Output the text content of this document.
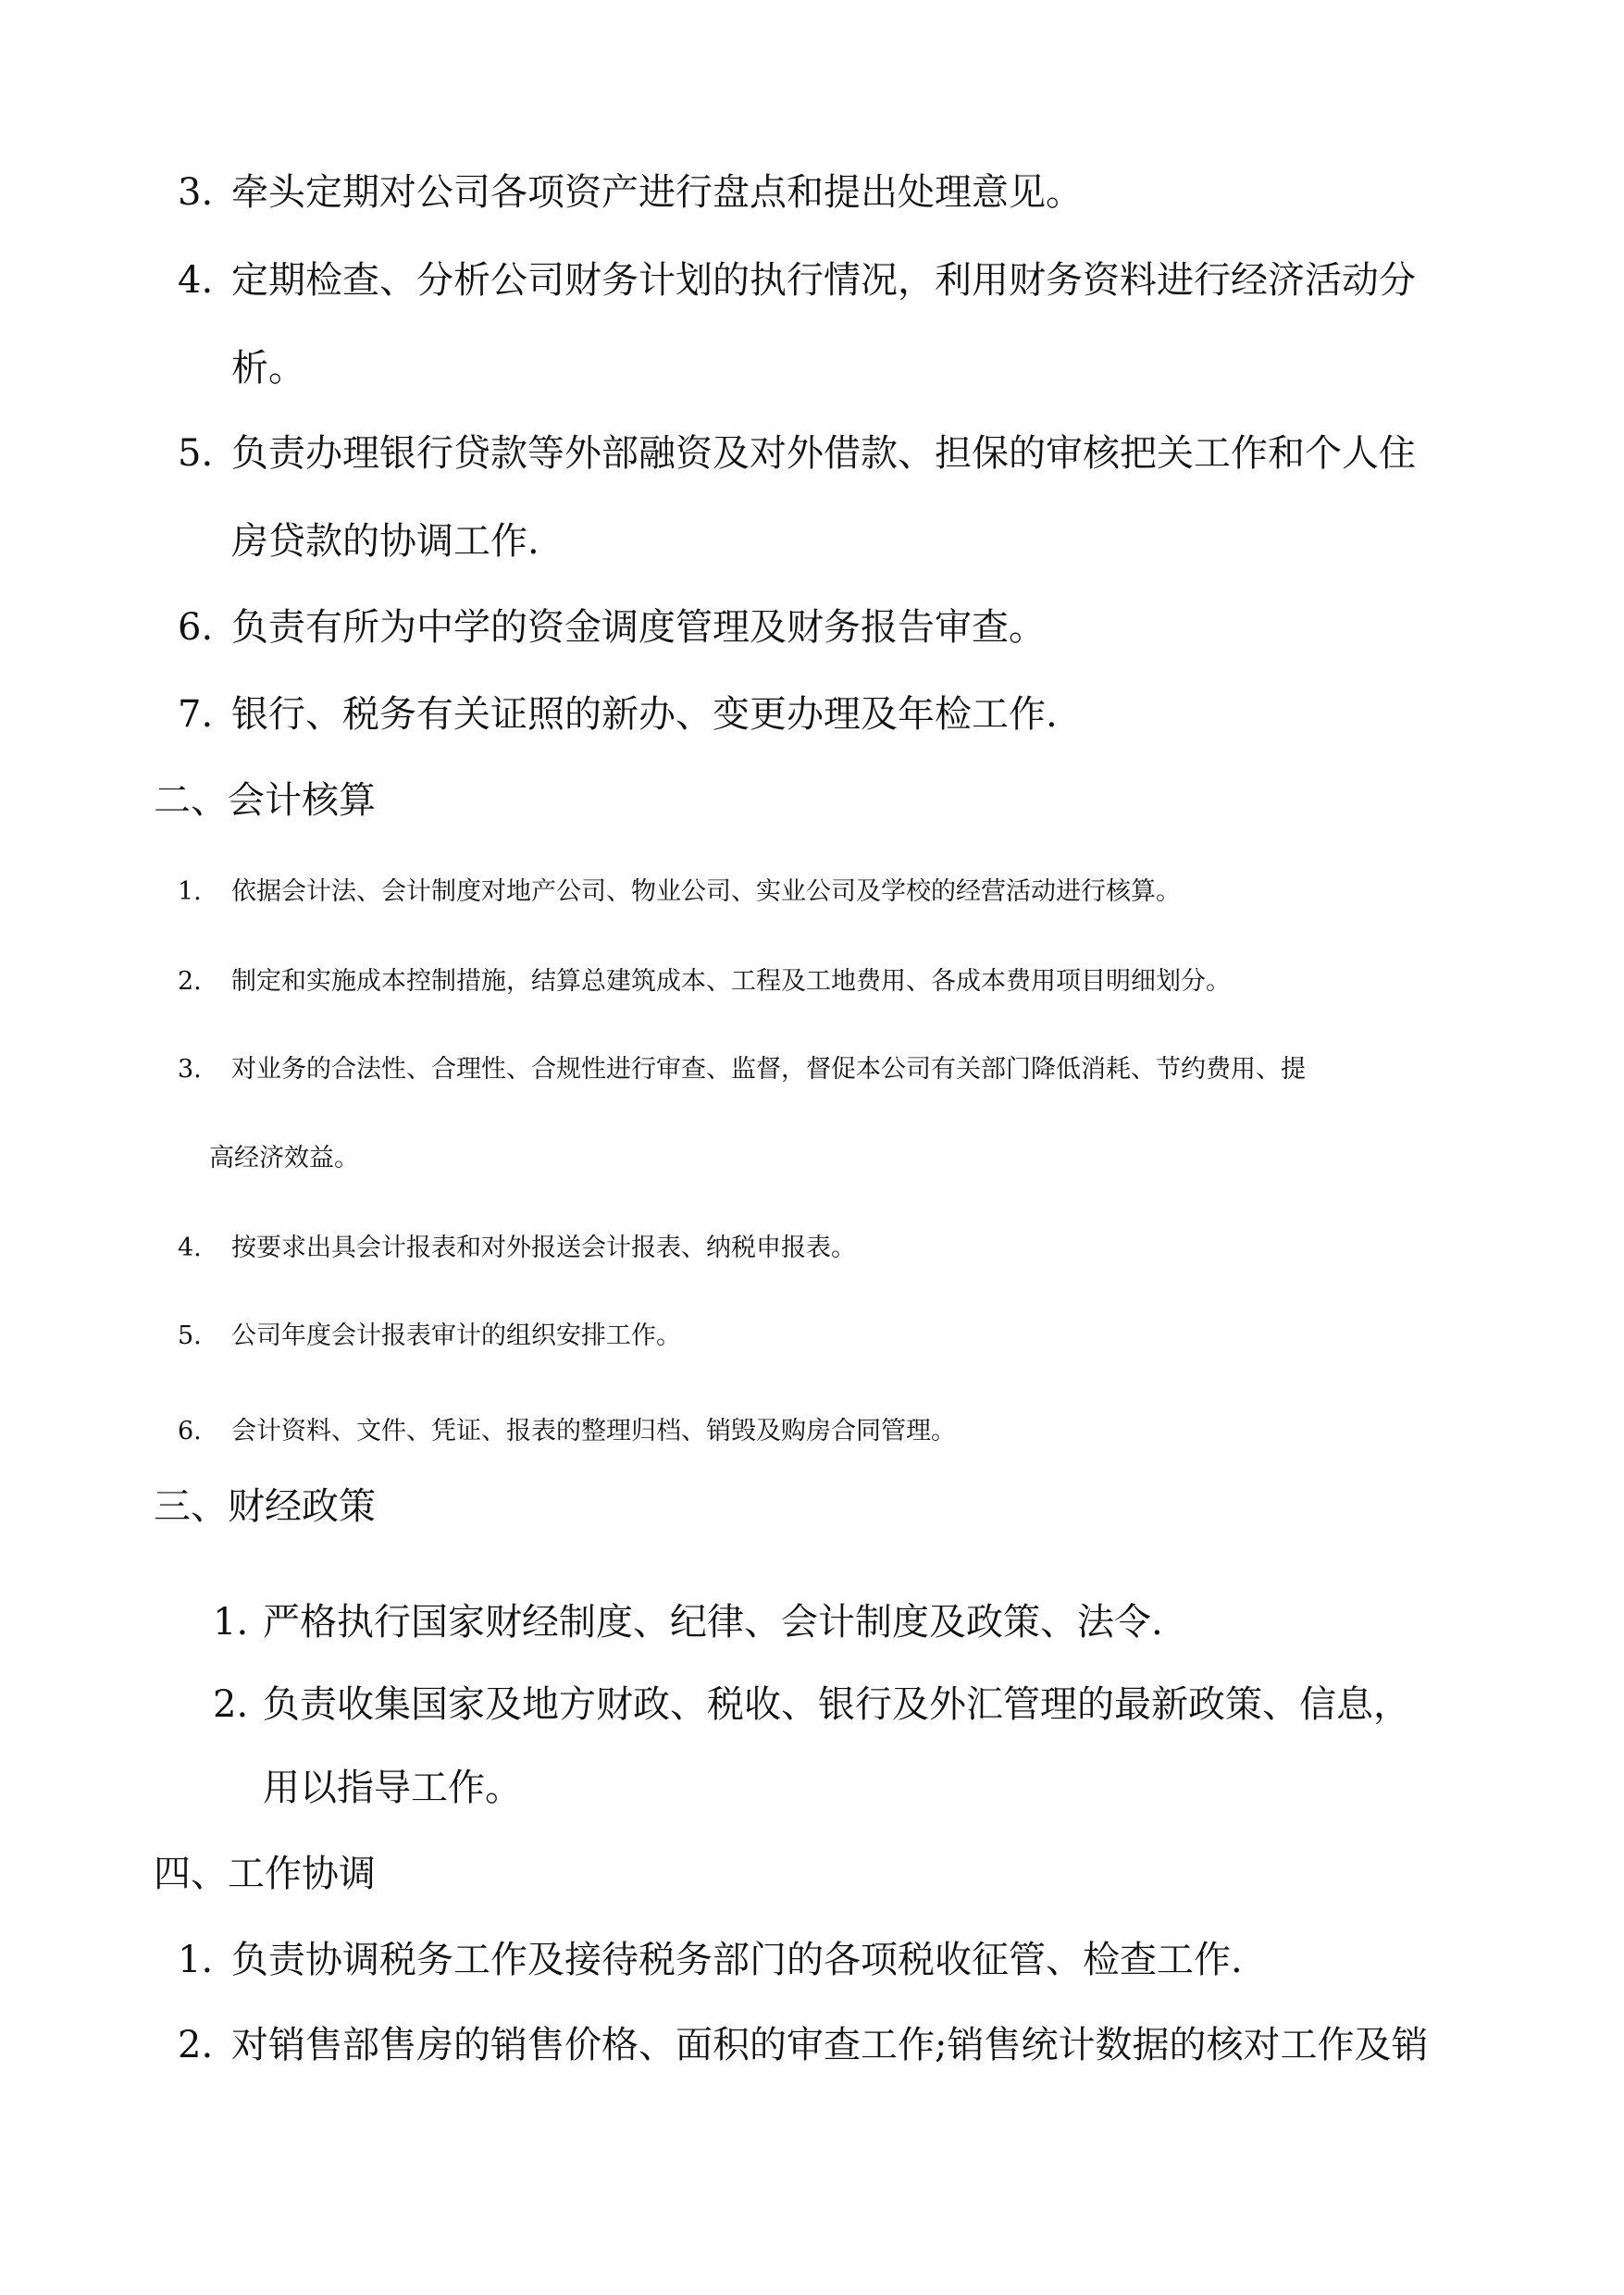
3. 牵头定期对公司各项资产进行盘点和提出处理意见。
4. 定期检查、分析公司财务计划的执行情况，利用财务资料进行经济活动分
析。
5. 负责办理银行贷款等外部融资及对外借款、担保的审核把关工作和个人住
房贷款的协调工作.
6. 负责有所为中学的资金调度管理及财务报告审查。
7. 银行、税务有关证照的新办、变更办理及年检工作.
二、会计核算
1. 依据会计法、会计制度对地产公司、物业公司、实业公司及学校的经营活动进行核算。
2. 制定和实施成本控制措施，结算总建筑成本、工程及工地费用、各成本费用项目明细划分。
3. 对业务的合法性、合理性、合规性进行审查、监督，督促本公司有关部门降低消耗、节约费用、提
高经济效益。
4. 按要求出具会计报表和对外报送会计报表、纳税申报表。
5. 公司年度会计报表审计的组织安排工作。
6. 会计资料、文件、凭证、报表的整理归档、销毁及购房合同管理。
三、财经政策
1. 严格执行国家财经制度、纪律、会计制度及政策、法令.
2. 负责收集国家及地方财政、税收、银行及外汇管理的最新政策、信息，
用以指导工作。
四、工作协调
1. 负责协调税务工作及接待税务部门的各项税收征管、检查工作.
2. 对销售部售房的销售价格、面积的审查工作;销售统计数据的核对工作及销
